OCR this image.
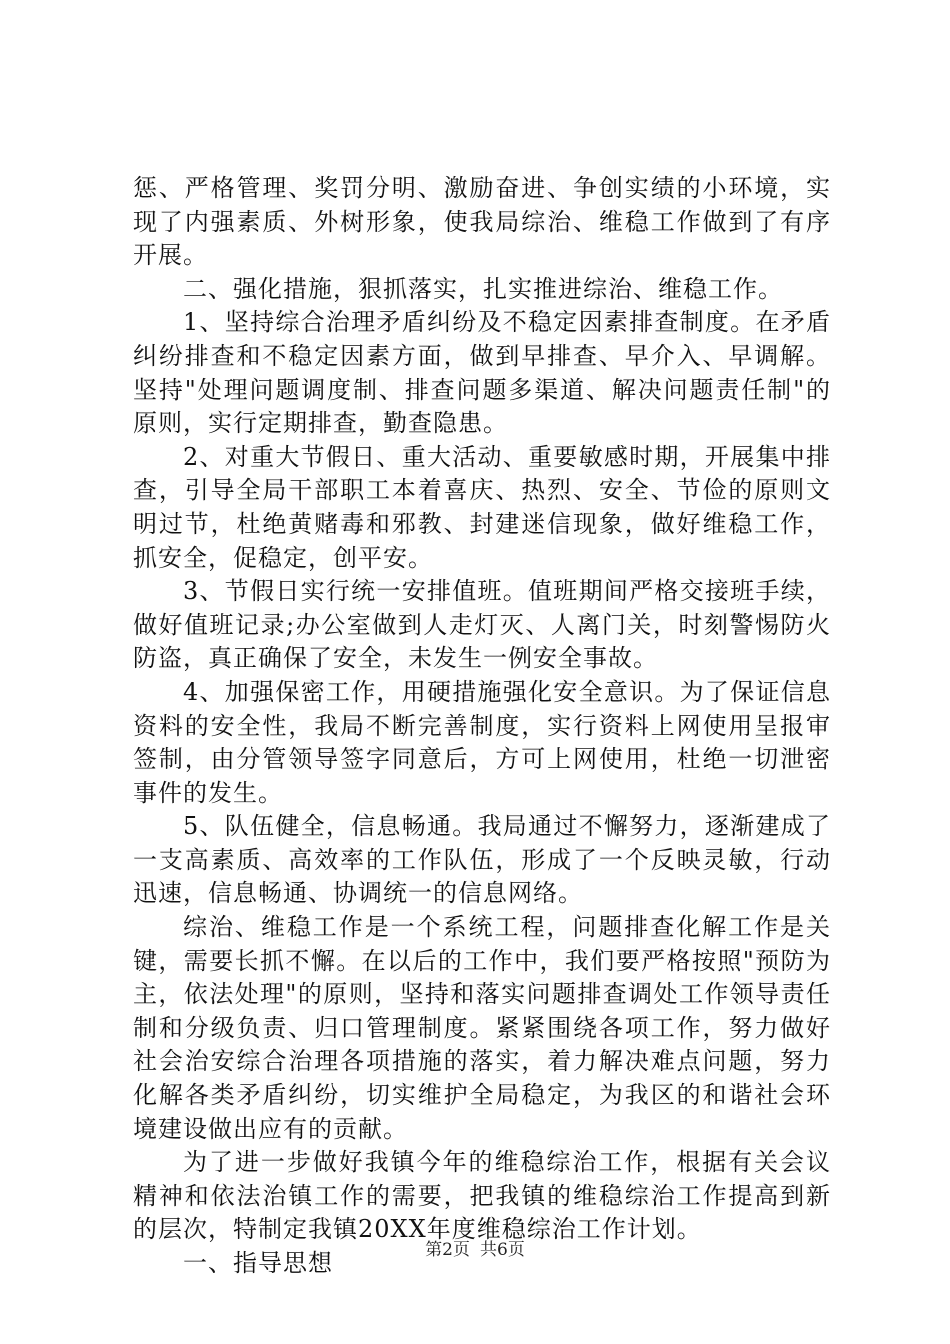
惩、严格管理、奖罚分明、激励奋进、争创实绩的小环境，实现了内强素质、外树形象，使我局综治、维稳工作做到了有序开展。

二、强化措施，狠抓落实，扎实推进综治、维稳工作。

1、坚持综合治理矛盾纠纷及不稳定因素排查制度。在矛盾纠纷排查和不稳定因素方面，做到早排查、早介入、早调解。坚持"处理问题调度制、排查问题多渠道、解决问题责任制"的原则，实行定期排查，勤查隐患。

2、对重大节假日、重大活动、重要敏感时期，开展集中排查，引导全局干部职工本着喜庆、热烈、安全、节俭的原则文明过节，杜绝黄赌毒和邪教、封建迷信现象，做好维稳工作，抓安全，促稳定，创平安。

3、节假日实行统一安排值班。值班期间严格交接班手续，做好值班记录;办公室做到人走灯灭、人离门关，时刻警惕防火防盗，真正确保了安全，未发生一例安全事故。

4、加强保密工作，用硬措施强化安全意识。为了保证信息资料的安全性，我局不断完善制度，实行资料上网使用呈报审签制，由分管领导签字同意后，方可上网使用，杜绝一切泄密事件的发生。

5、队伍健全，信息畅通。我局通过不懈努力，逐渐建成了一支高素质、高效率的工作队伍，形成了一个反映灵敏，行动迅速，信息畅通、协调统一的信息网络。

综治、维稳工作是一个系统工程，问题排查化解工作是关键，需要长抓不懈。在以后的工作中，我们要严格按照"预防为主，依法处理"的原则，坚持和落实问题排查调处工作领导责任制和分级负责、归口管理制度。紧紧围绕各项工作，努力做好社会治安综合治理各项措施的落实，着力解决难点问题，努力化解各类矛盾纠纷，切实维护全局稳定，为我区的和谐社会环境建设做出应有的贡献。

为了进一步做好我镇今年的维稳综治工作，根据有关会议精神和依法治镇工作的需要，把我镇的维稳综治工作提高到新的层次，特制定我镇20XX年度维稳综治工作计划。

一、指导思想	第2页 共6页
